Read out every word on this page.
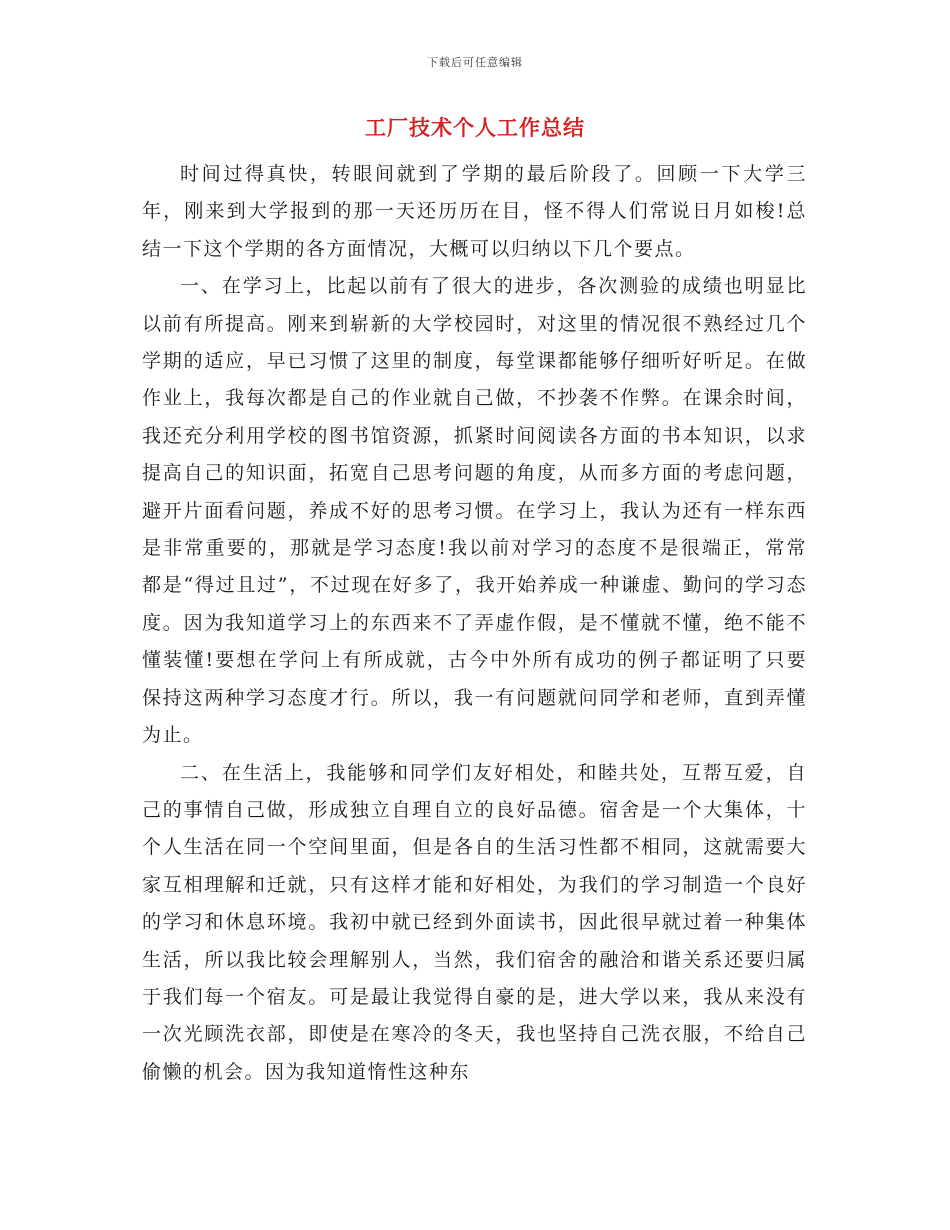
下载后可任意编辑
工厂技术个人工作总结

时间过得真快，转眼间就到了学期的最后阶段了。回顾一下大学三年，刚来到大学报到的那一天还历历在目，怪不得人们常说日月如梭!总结一下这个学期的各方面情况，大概可以归纳以下几个要点。

一、在学习上，比起以前有了很大的进步，各次测验的成绩也明显比以前有所提高。刚来到崭新的大学校园时，对这里的情况很不熟经过几个学期的适应，早已习惯了这里的制度，每堂课都能够仔细听好听足。在做作业上，我每次都是自己的作业就自己做，不抄袭不作弊。在课余时间，我还充分利用学校的图书馆资源，抓紧时间阅读各方面的书本知识，以求提高自己的知识面，拓宽自己思考问题的角度，从而多方面的考虑问题，避开片面看问题，养成不好的思考习惯。在学习上，我认为还有一样东西是非常重要的，那就是学习态度!我以前对学习的态度不是很端正，常常都是“得过且过”，不过现在好多了，我开始养成一种谦虚、勤问的学习态度。因为我知道学习上的东西来不了弄虚作假，是不懂就不懂，绝不能不懂装懂!要想在学问上有所成就，古今中外所有成功的例子都证明了只要保持这两种学习态度才行。所以，我一有问题就问同学和老师，直到弄懂为止。

二、在生活上，我能够和同学们友好相处，和睦共处，互帮互爱，自己的事情自己做，形成独立自理自立的良好品德。宿舍是一个大集体，十个人生活在同一个空间里面，但是各自的生活习性都不相同，这就需要大家互相理解和迁就，只有这样才能和好相处，为我们的学习制造一个良好的学习和休息环境。我初中就已经到外面读书，因此很早就过着一种集体生活，所以我比较会理解别人，当然，我们宿舍的融洽和谐关系还要归属于我们每一个宿友。可是最让我觉得自豪的是，进大学以来，我从来没有一次光顾洗衣部，即使是在寒冷的冬天，我也坚持自己洗衣服，不给自己偷懒的机会。因为我知道惰性这种东
